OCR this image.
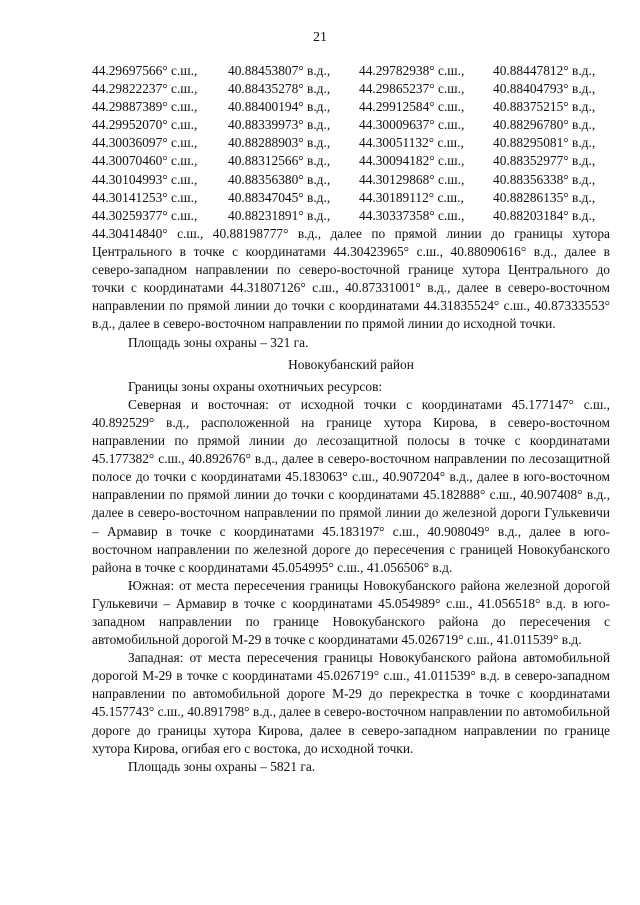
21
44.29697566° с.ш.,	40.88453807° в.д.,	44.29782938° с.ш.,	40.88447812° в.д.,
44.29822237° с.ш.,	40.88435278° в.д.,	44.29865237° с.ш.,	40.88404793° в.д.,
44.29887389° с.ш.,	40.88400194° в.д.,	44.29912584° с.ш.,	40.88375215° в.д.,
44.29952070° с.ш.,	40.88339973° в.д.,	44.30009637° с.ш.,	40.88296780° в.д.,
44.30036097° с.ш.,	40.88288903° в.д.,	44.30051132° с.ш.,	40.88295081° в.д.,
44.30070460° с.ш.,	40.88312566° в.д.,	44.30094182° с.ш.,	40.88352977° в.д.,
44.30104993° с.ш.,	40.88356380° в.д.,	44.30129868° с.ш.,	40.88356338° в.д.,
44.30141253° с.ш.,	40.88347045° в.д.,	44.30189112° с.ш.,	40.88286135° в.д.,
44.30259377° с.ш.,	40.88231891° в.д.,	44.30337358° с.ш.,	40.88203184° в.д.,

44.30414840° с.ш., 40.88198777° в.д., далее по прямой линии до границы хутора Центрального в точке с координатами 44.30423965° с.ш., 40.88090616° в.д., далее в северо-западном направлении по северо-восточной границе хутора Центрального до точки с координатами 44.31807126° с.ш., 40.87331001° в.д., далее в северо-восточном направлении по прямой линии до точки с координатами 44.31835524° с.ш., 40.87333553° в.д., далее в северо-восточном направлении по прямой линии до исходной точки.

Площадь зоны охраны – 321 га.

Новокубанский район

Границы зоны охраны охотничьих ресурсов:

Северная и восточная: от исходной точки с координатами 45.177147° с.ш., 40.892529° в.д., расположенной на границе хутора Кирова, в северо-восточном направлении по прямой линии до лесозащитной полосы в точке с координатами 45.177382° с.ш., 40.892676° в.д., далее в северо-восточном направлении по лесозащитной полосе до точки с координатами 45.183063° с.ш., 40.907204° в.д., далее в юго-восточном направлении по прямой линии до точки с координатами 45.182888° с.ш., 40.907408° в.д., далее в северо-восточном направлении по прямой линии до железной дороги Гулькевичи – Армавир в точке с координатами 45.183197° с.ш., 40.908049° в.д., далее в юго-восточном направлении по железной дороге до пересечения с границей Новокубанского района в точке с координатами 45.054995° с.ш., 41.056506° в.д.

Южная: от места пересечения границы Новокубанского района железной дорогой Гулькевичи – Армавир в точке с координатами 45.054989° с.ш., 41.056518° в.д. в юго-западном направлении по границе Новокубанского района до пересечения с автомобильной дорогой М-29 в точке с координатами 45.026719° с.ш., 41.011539° в.д.

Западная: от места пересечения границы Новокубанского района автомобильной дорогой М-29 в точке с координатами 45.026719° с.ш., 41.011539° в.д. в северо-западном направлении по автомобильной дороге М-29 до перекрестка в точке с координатами 45.157743° с.ш., 40.891798° в.д., далее в северо-восточном направлении по автомобильной дороге до границы хутора Кирова, далее в северо-западном направлении по границе хутора Кирова, огибая его с востока, до исходной точки.

Площадь зоны охраны – 5821 га.
